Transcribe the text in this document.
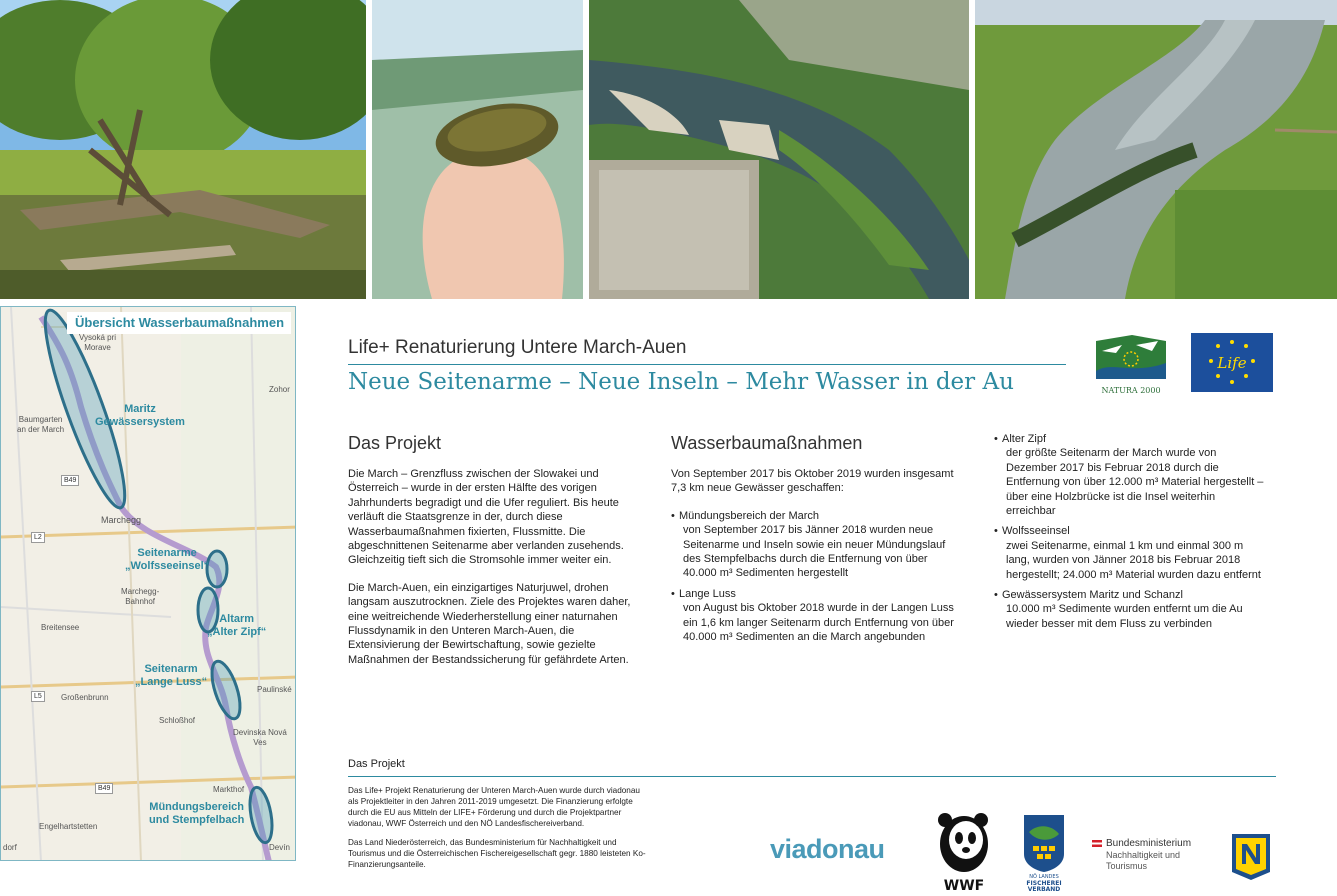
Übersicht Wasserbaumaßnahmen
Vysoká pri
Morave
Zohor
Baumgarten
an der March
Marchegg
Marchegg-
Bahnhof
Breitensee
Großenbrunn
Paulinské
Schloßhof
Devinska Nová
Ves
Markthof
Engelhartstetten
Devín
dorf
B49
L2
L5
B49
Maritz
Gewässersystem
Seitenarme
„Wolfsseeinsel“
Altarm
„Alter Zipf“
Seitenarm
„Lange Luss“
Mündungsbereich
und Stempfelbach
Life+ Renaturierung Untere March-Auen
Neue Seitenarme – Neue Inseln – Mehr Wasser in der Au	NATURA 2000
Life
Das Projekt

Die March – Grenzfluss zwischen der Slowakei und Österreich – wurde in der ersten Hälfte des vorigen Jahrhunderts begradigt und die Ufer reguliert. Bis heute verläuft die Staatsgrenze in der, durch diese Wasserbaumaßnahmen fixierten, Flussmitte. Die abgeschnittenen Seitenarme aber verlanden zusehends. Gleichzeitig tieft sich die Stromsohle immer weiter ein.

Die March-Auen, ein einzigartiges Naturjuwel, drohen langsam auszutrocknen. Ziele des Projektes waren daher, eine weitreichende Wiederherstellung einer naturnahen Flussdynamik in den Unteren March-Auen, die Extensivierung der Bewirtschaftung, sowie gezielte Maßnahmen der Bestandssicherung für gefährdete Arten.

Wasserbaumaßnahmen

Von September 2017 bis Oktober 2019 wurden insgesamt 7,3 km neue Gewässer geschaffen:

• Mündungsbereich der March
von September 2017 bis Jänner 2018 wurden neue Seitenarme und Inseln sowie ein neuer Mündungslauf des Stempfelbachs durch die Entfernung von über 40.000 m³ Sedimenten hergestellt
• Lange Luss
von August bis Oktober 2018 wurde in der Langen Luss ein 1,6 km langer Seitenarm durch Entfernung von über 40.000 m³ Sedimenten an die March angebunden
• Alter Zipf
der größte Seitenarm der March wurde von Dezember 2017 bis Februar 2018 durch die Entfernung von über 12.000 m³ Material hergestellt – über eine Holzbrücke ist die Insel weiterhin erreichbar
• Wolfsseeinsel
zwei Seitenarme, einmal 1 km und einmal 300 m lang, wurden von Jänner 2018 bis Februar 2018 hergestellt; 24.000 m³ Material wurden dazu entfernt
• Gewässersystem Maritz und Schanzl
10.000 m³ Sedimente wurden entfernt um die Au wieder besser mit dem Fluss zu verbinden
Das Projekt

Das Life+ Projekt Renaturierung der Unteren March-Auen wurde durch viadonau als Projektleiter in den Jahren 2011-2019 umgesetzt. Die Finanzierung erfolgte durch die EU aus Mitteln der LIFE+ Förderung und durch die Projektpartner viadonau, WWF Österreich und den NÖ Landesfischereiverband.

Das Land Niederösterreich, das Bundesministerium für Nachhaltigkeit und Tourismus und die Österreichischen Fischereigesellschaft gegr. 1880 leisteten Ko-Finanzierungsanteile.

viadonau
WWF
NÖ LANDES
FISCHEREI
VERBAND
Bundesministerium
Nachhaltigkeit und
Tourismus
